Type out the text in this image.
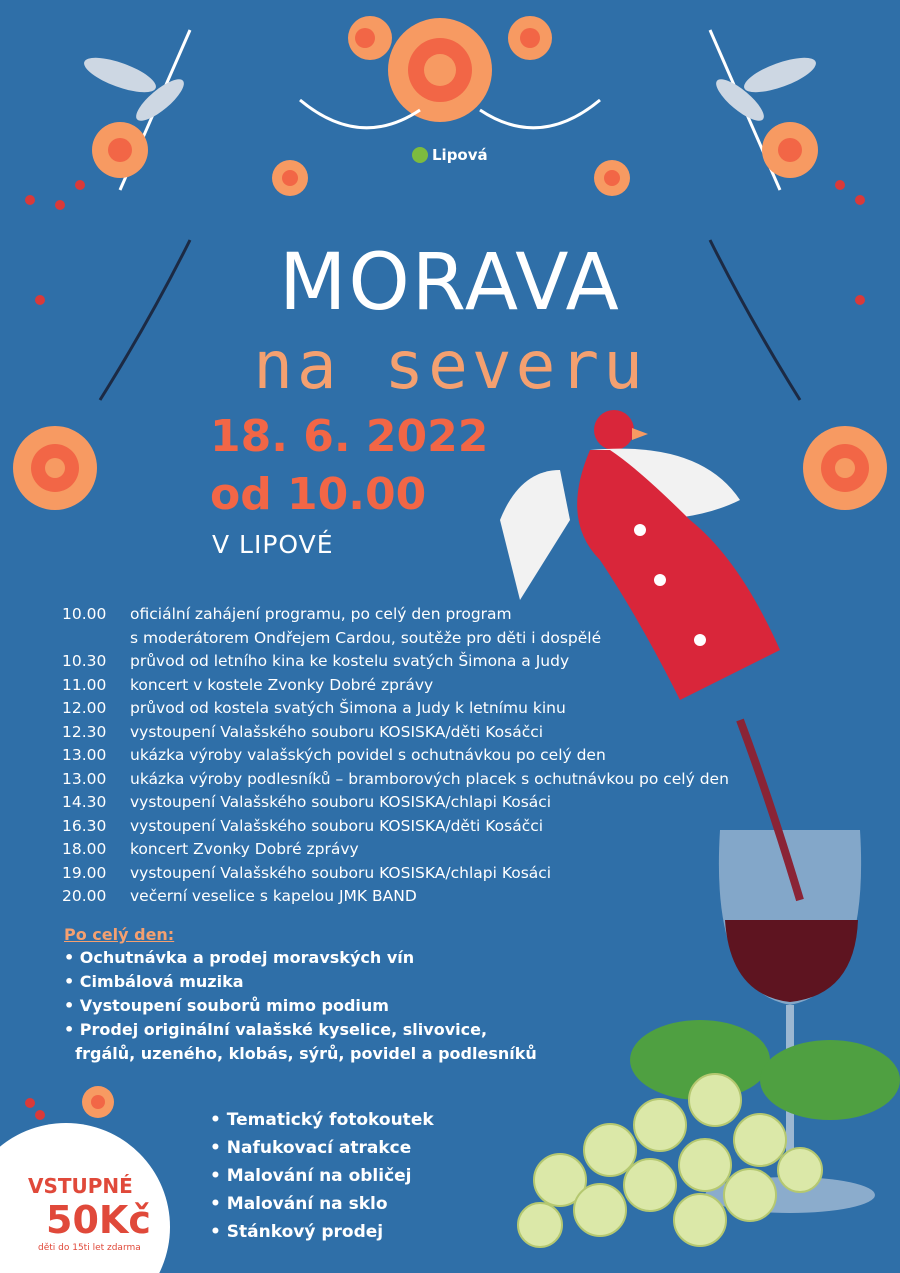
Lipová
MORAVA
na severu
18. 6. 2022
od 10.00
V LIPOVÉ
10.00	oficiální zahájení programu, po celý den program
s moderátorem Ondřejem Cardou, soutěže pro děti i dospělé
10.30	průvod od letního kina ke kostelu svatých Šimona a Judy
11.00	koncert v kostele Zvonky Dobré zprávy
12.00	průvod od kostela svatých Šimona a Judy k letnímu kinu
12.30	vystoupení Valašského souboru KOSISKA/děti Kosáčci
13.00	ukázka výroby valašských povidel s ochutnávkou po celý den
13.00	ukázka výroby podlesníků – bramborových placek s ochutnávkou po celý den
14.30	vystoupení Valašského souboru KOSISKA/chlapi Kosáci
16.30	vystoupení Valašského souboru KOSISKA/děti Kosáčci
18.00	koncert Zvonky Dobré zprávy
19.00	vystoupení Valašského souboru KOSISKA/chlapi Kosáci
20.00	večerní veselice s kapelou JMK BAND
Po celý den:
• Ochutnávka a prodej moravských vín
• Cimbálová muzika
• Vystoupení souborů mimo podium
• Prodej originální valašské kyselice, slivovice,
frgálů, uzeného, klobás, sýrů, povidel a podlesníků
• Tematický fotokoutek
• Nafukovací atrakce
• Malování na obličej
• Malování na sklo
• Stánkový prodej
VSTUPNÉ
50Kč
děti do 15ti let zdarma
